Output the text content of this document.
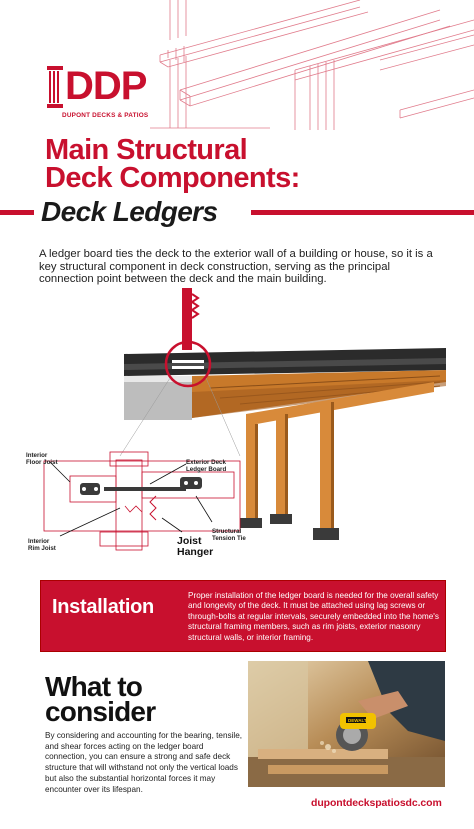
DDP
DUPONT DECKS & PATIOS
Main Structural
Deck Components:
Deck Ledgers

A ledger board ties the deck to the exterior wall of a building or house, so it is a key structural component in deck construction, serving as the principal connection point between the deck and the main building.

Interior
Floor Joist	Exterior Deck
Ledger Board
Interior
Rim Joist
Structural
Tension Tie
Joist
Hanger
Installation
Proper installation of the ledger board is needed for the overall safety and longevity of the deck. It must be attached using lag screws or through-bolts at regular intervals, securely embedded into the home's structural framing members, such as rim joists, exterior masonry structural walls, or interior framing.
What to
consider

By considering and accounting for the bearing, tensile, and shear forces acting on the ledger board connection, you can ensure a strong and safe deck structure that will withstand not only the vertical loads but also the substantial horizontal forces it may encounter over its lifespan.

DEWALT
dupontdeckspatiosdc.com
